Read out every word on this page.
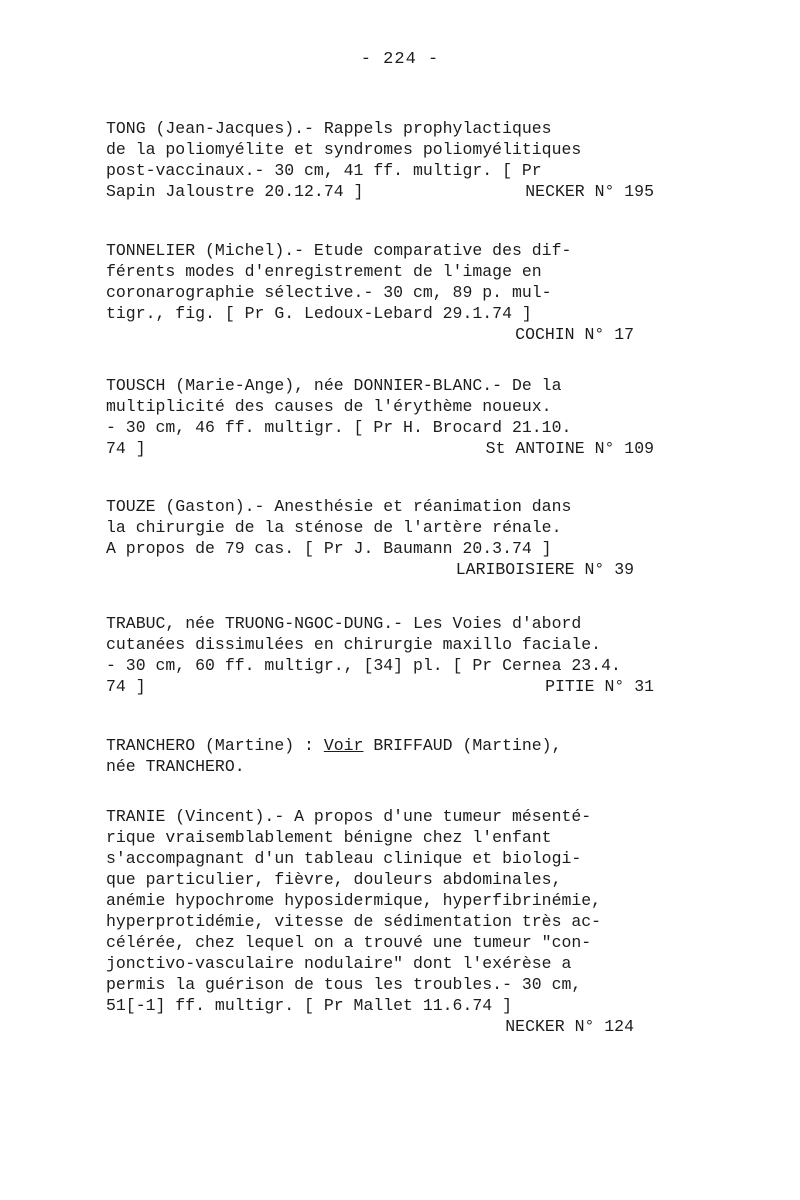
- 224 -
TONG (Jean-Jacques).- Rappels prophylactiques
de la poliomyélite et syndromes poliomyélitiques
post-vaccinaux.- 30 cm, 41 ff. multigr. [ Pr
Sapin Jaloustre 20.12.74 ]	NECKER N° 195
TONNELIER (Michel).- Etude comparative des dif-
férents modes d'enregistrement de l'image en
coronarographie sélective.- 30 cm, 89 p. mul-
tigr., fig. [ Pr G. Ledoux-Lebard 29.1.74 ]
COCHIN N° 17
TOUSCH (Marie-Ange), née DONNIER-BLANC.- De la
multiplicité des causes de l'érythème noueux.
- 30 cm, 46 ff. multigr. [ Pr H. Brocard 21.10.
74 ]	St ANTOINE N° 109
TOUZE (Gaston).- Anesthésie et réanimation dans
la chirurgie de la sténose de l'artère rénale.
A propos de 79 cas. [ Pr J. Baumann 20.3.74 ]
LARIBOISIERE N° 39
TRABUC, née TRUONG-NGOC-DUNG.- Les Voies d'abord
cutanées dissimulées en chirurgie maxillo faciale.
- 30 cm, 60 ff. multigr., [34] pl. [ Pr Cernea 23.4.
74 ]	PITIE N° 31
TRANCHERO (Martine) : Voir BRIFFAUD (Martine),
née TRANCHERO.
TRANIE (Vincent).- A propos d'une tumeur mésenté-
rique vraisemblablement bénigne chez l'enfant
s'accompagnant d'un tableau clinique et biologi-
que particulier, fièvre, douleurs abdominales,
anémie hypochrome hyposidermique, hyperfibrinémie,
hyperprotidémie, vitesse de sédimentation très ac-
célérée, chez lequel on a trouvé une tumeur "con-
jonctivo-vasculaire nodulaire" dont l'exérèse a
permis la guérison de tous les troubles.- 30 cm,
51[-1] ff. multigr. [ Pr Mallet 11.6.74 ]
NECKER N° 124
